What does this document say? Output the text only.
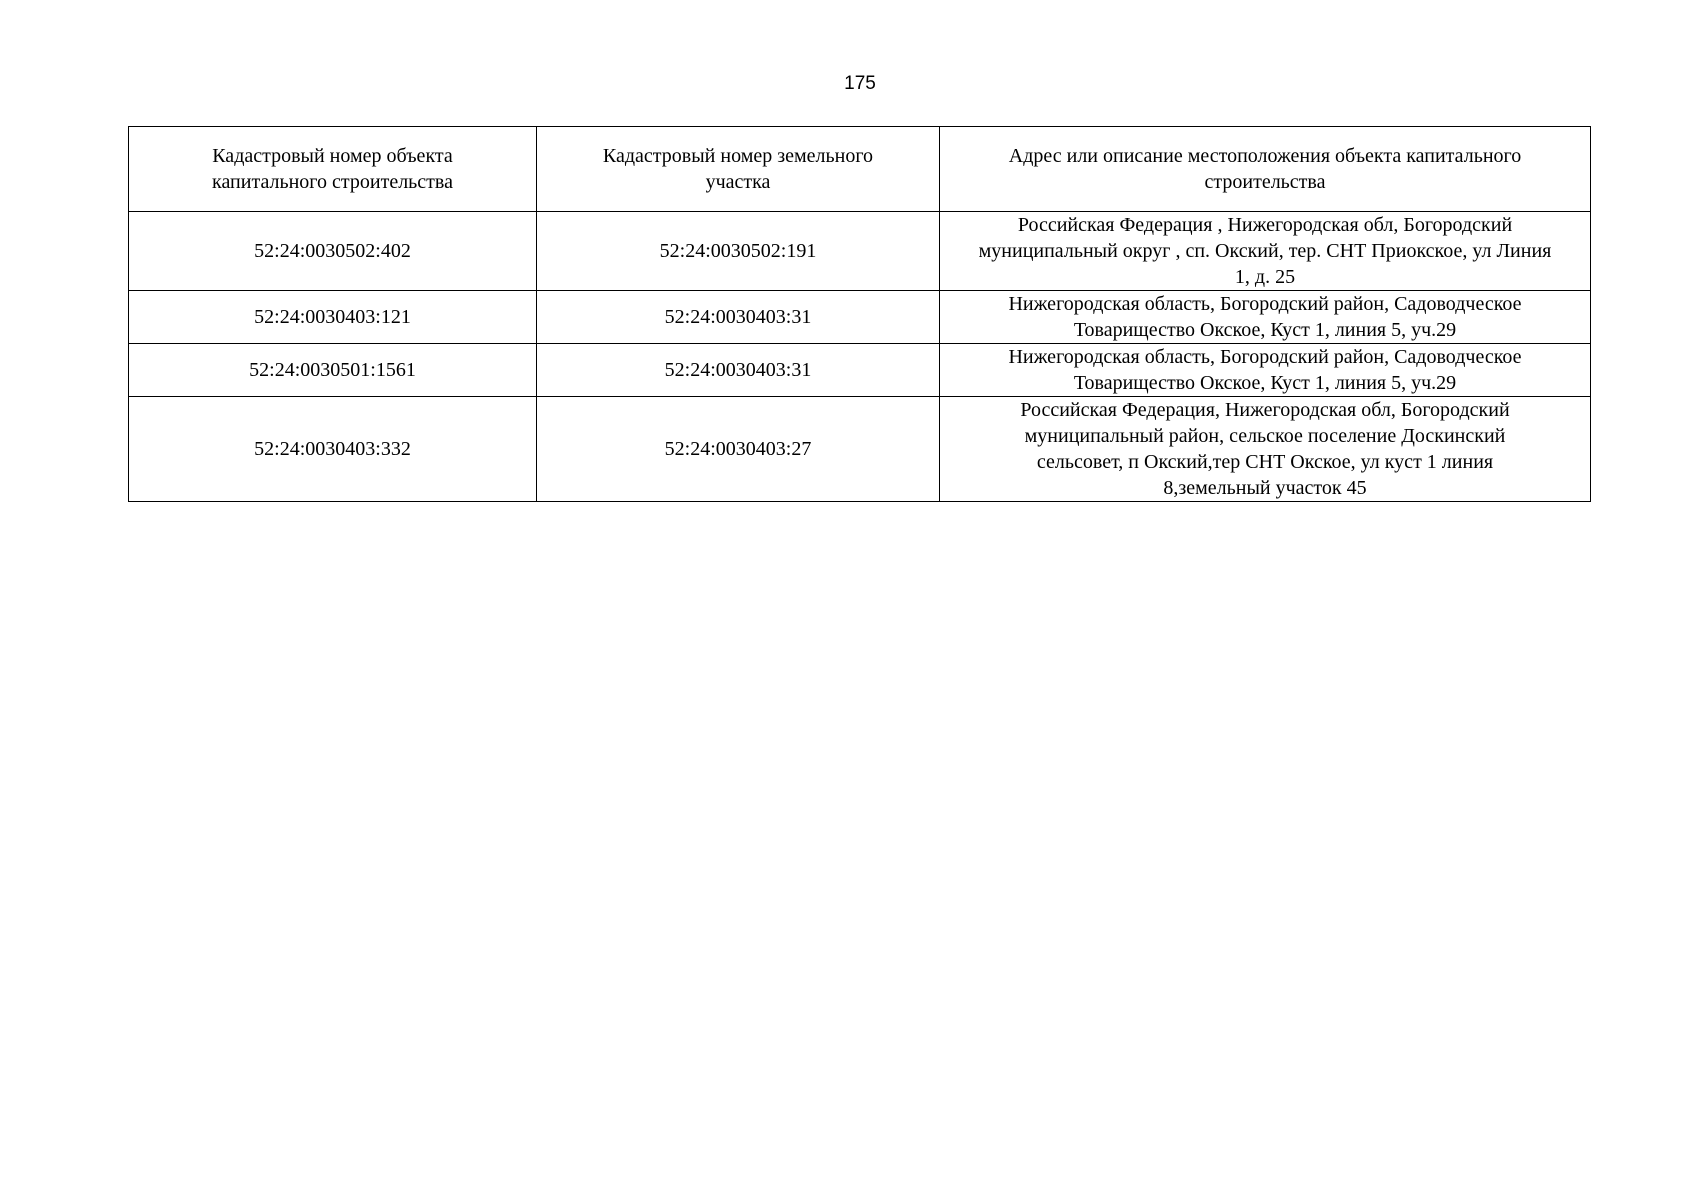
175
Кадастровый номер объекта капитального строительства	Кадастровый номер земельного участка	Адрес или описание местоположения объекта капитального строительства
52:24:0030502:402	52:24:0030502:191	Российская Федерация , Нижегородская обл, Богородский муниципальный округ , сп. Окский, тер. СНТ Приокское, ул Линия 1, д. 25
52:24:0030403:121	52:24:0030403:31	Нижегородская область, Богородский район, Садоводческое Товарищество Окское, Куст 1, линия 5, уч.29
52:24:0030501:1561	52:24:0030403:31	Нижегородская область, Богородский район, Садоводческое Товарищество Окское, Куст 1, линия 5, уч.29
52:24:0030403:332	52:24:0030403:27	Российская Федерация, Нижегородская обл, Богородский муниципальный район, сельское поселение Доскинский сельсовет, п Окский,тер СНТ Окское, ул куст 1 линия 8,земельный участок 45
